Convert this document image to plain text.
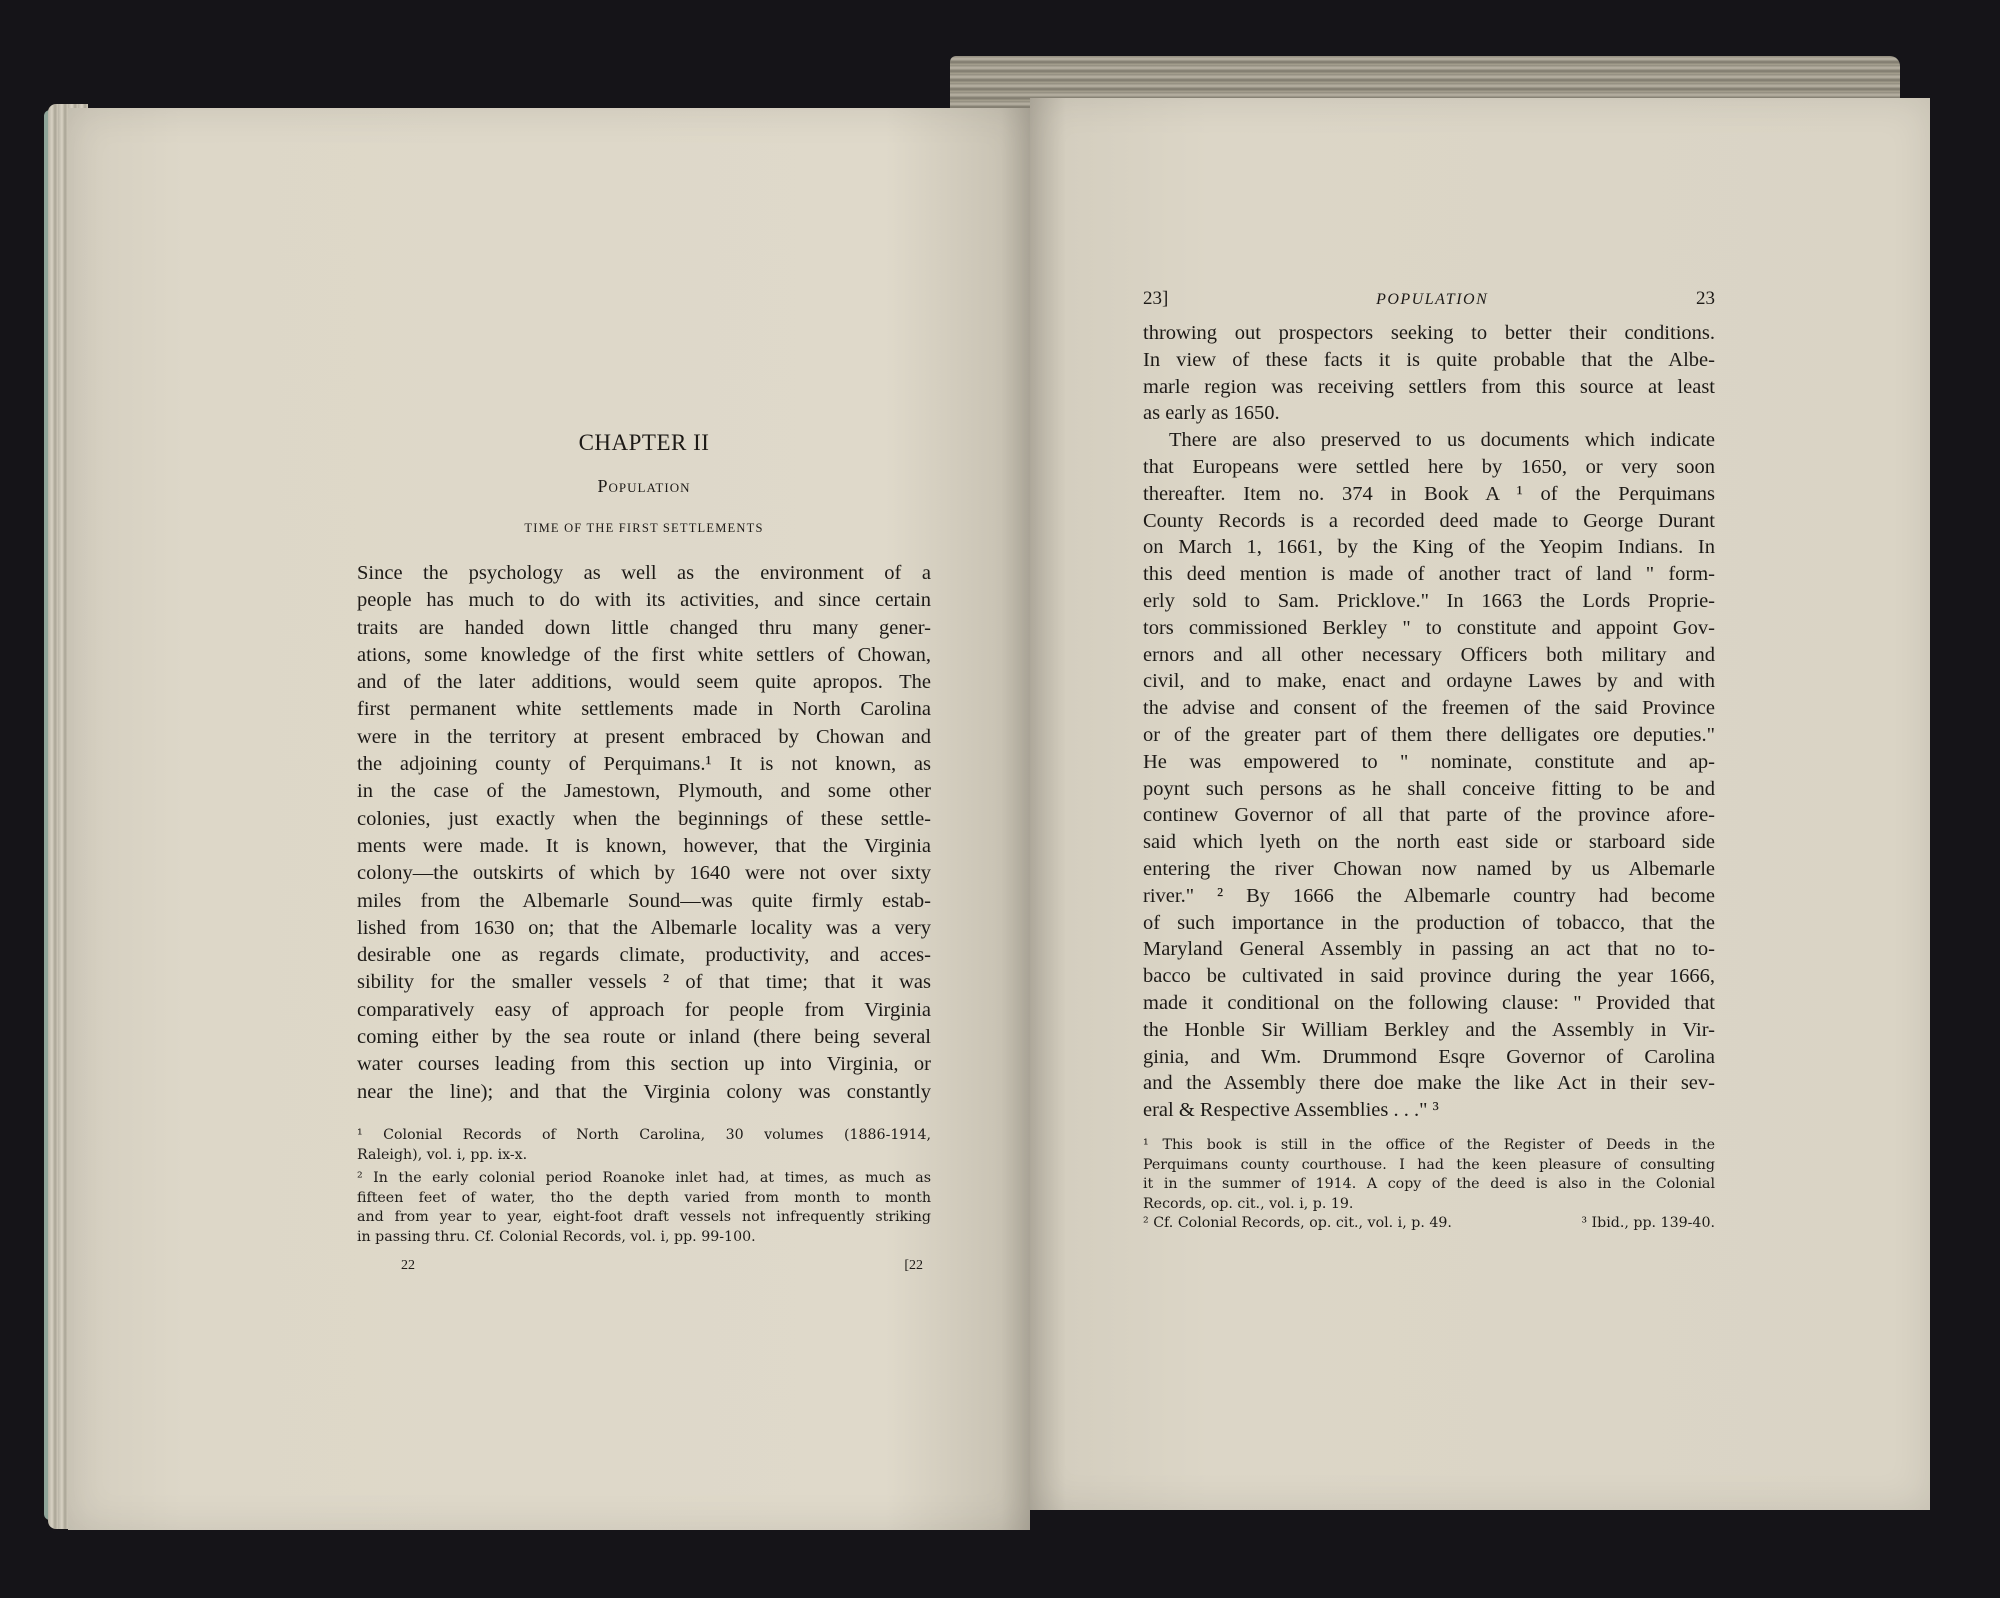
CHAPTER II

Population

TIME OF THE FIRST SETTLEMENTS

Since the psychology as well as the environment of a
people has much to do with its activities, and since certain
traits are handed down little changed thru many gener-
ations, some knowledge of the first white settlers of Chowan,
and of the later additions, would seem quite apropos. The
first permanent white settlements made in North Carolina
were in the territory at present embraced by Chowan and
the adjoining county of Perquimans.¹ It is not known, as
in the case of the Jamestown, Plymouth, and some other
colonies, just exactly when the beginnings of these settle-
ments were made. It is known, however, that the Virginia
colony—the outskirts of which by 1640 were not over sixty
miles from the Albemarle Sound—was quite firmly estab-
lished from 1630 on; that the Albemarle locality was a very
desirable one as regards climate, productivity, and acces-
sibility for the smaller vessels ² of that time; that it was
comparatively easy of approach for people from Virginia
coming either by the sea route or inland (there being several
water courses leading from this section up into Virginia, or
near the line); and that the Virginia colony was constantly
¹ Colonial Records of North Carolina, 30 volumes (1886-1914,
Raleigh), vol. i, pp. ix-x.
² In the early colonial period Roanoke inlet had, at times, as much as
fifteen feet of water, tho the depth varied from month to month
and from year to year, eight-foot draft vessels not infrequently striking
in passing thru. Cf. Colonial Records, vol. i, pp. 99-100.
22	[22
23]	POPULATION	23
throwing out prospectors seeking to better their conditions.
In view of these facts it is quite probable that the Albe-
marle region was receiving settlers from this source at least
as early as 1650.
There are also preserved to us documents which indicate
that Europeans were settled here by 1650, or very soon
thereafter. Item no. 374 in Book A ¹ of the Perquimans
County Records is a recorded deed made to George Durant
on March 1, 1661, by the King of the Yeopim Indians. In
this deed mention is made of another tract of land " form-
erly sold to Sam. Pricklove." In 1663 the Lords Proprie-
tors commissioned Berkley " to constitute and appoint Gov-
ernors and all other necessary Officers both military and
civil, and to make, enact and ordayne Lawes by and with
the advise and consent of the freemen of the said Province
or of the greater part of them there delligates ore deputies."
He was empowered to " nominate, constitute and ap-
poynt such persons as he shall conceive fitting to be and
continew Governor of all that parte of the province afore-
said which lyeth on the north east side or starboard side
entering the river Chowan now named by us Albemarle
river." ² By 1666 the Albemarle country had become
of such importance in the production of tobacco, that the
Maryland General Assembly in passing an act that no to-
bacco be cultivated in said province during the year 1666,
made it conditional on the following clause: " Provided that
the Honble Sir William Berkley and the Assembly in Vir-
ginia, and Wm. Drummond Esqre Governor of Carolina
and the Assembly there doe make the like Act in their sev-
eral & Respective Assemblies . . ." ³
¹ This book is still in the office of the Register of Deeds in the
Perquimans county courthouse. I had the keen pleasure of consulting
it in the summer of 1914. A copy of the deed is also in the Colonial
Records, op. cit., vol. i, p. 19.
² Cf. Colonial Records, op. cit., vol. i, p. 49.	³ Ibid., pp. 139-40.
